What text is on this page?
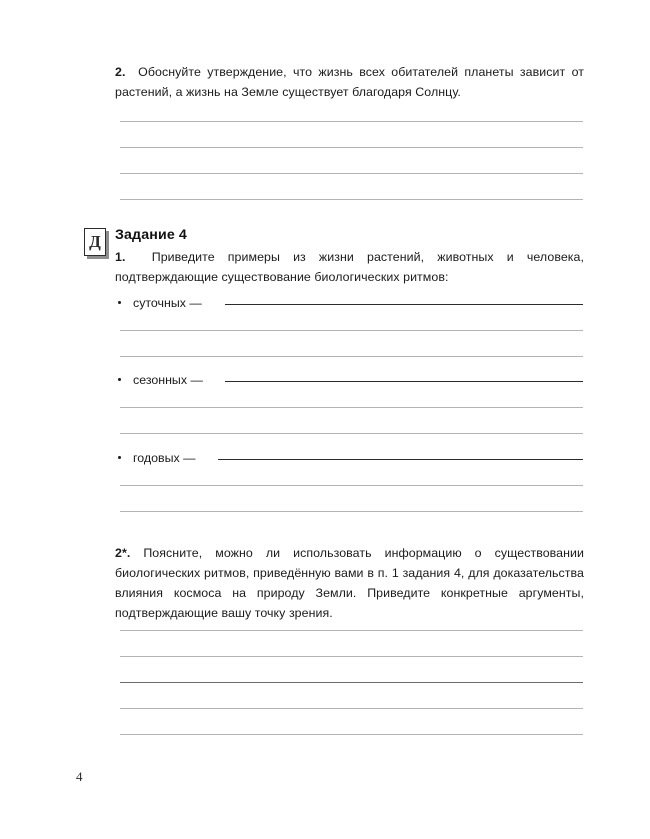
2. Обоснуйте утверждение, что жизнь всех обитателей планеты зависит от растений, а жизнь на Земле существует благодаря Солнцу.

Д Задание 4

1. Приведите примеры из жизни растений, животных и человека, подтверждающие существование биологических ритмов:

суточных —
сезонных —
годовых —

2*. Поясните, можно ли использовать информацию о существовании биологических ритмов, приведённую вами в п. 1 задания 4, для доказательства влияния космоса на природу Земли. Приведите конкретные аргументы, подтверждающие вашу точку зрения.

4
